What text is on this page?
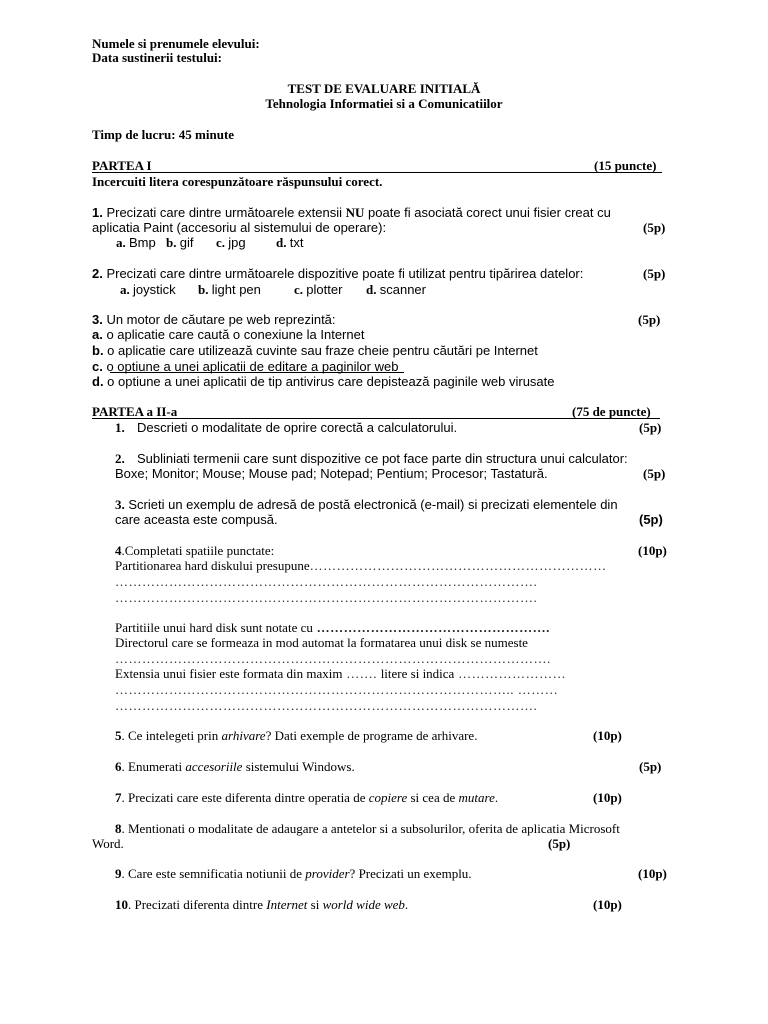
Numele si prenumele elevului:
Data sustinerii testului:
TEST DE EVALUARE INITIALĂ
Tehnologia Informatiei si a Comunicatiilor
Timp de lucru: 45 minute
PARTEA I	(15 puncte)
Incercuiti litera corespunzătoare răspunsului corect.
1. Precizati care dintre următoarele extensii NU poate fi asociată corect unui fisier creat cu
aplicatia Paint (accesoriu al sistemului de operare):	(5p)
a. Bmp b. gif c. jpg d. txt
2. Precizati care dintre următoarele dispozitive poate fi utilizat pentru tipărirea datelor:	(5p)
a. joystick b. light pen	c. plotter d. scanner
3. Un motor de căutare pe web reprezintă:	(5p)
a. o aplicatie care caută o conexiune la Internet
b. o aplicatie care utilizează cuvinte sau fraze cheie pentru căutări pe Internet
c. o optiune a unei aplicatii de editare a paginilor web
d. o optiune a unei aplicatii de tip antivirus care depistează paginile web virusate
PARTEA a II-a	(75 de puncte)
1. Descrieti o modalitate de oprire corectă a calculatorului.	(5p)
2. Subliniati termenii care sunt dispozitive ce pot face parte din structura unui calculator:
Boxe; Monitor; Mouse; Mouse pad; Notepad; Pentium; Procesor; Tastatură.	(5p)
3. Scrieti un exemplu de adresă de postă electronică (e-mail) si precizati elementele din
care aceasta este compusă.	(5p)
4.Completati spatiile punctate:	(10p)
Partitionarea hard diskului presupune…………………………………………………………
………………………………………………………………………………….
………………………………………………………………………………….
Partitiile unui hard disk sunt notate cu …………………………………………….
Directorul care se formeaza in mod automat la formatarea unui disk se numeste
…………………………………………………………………………………….
Extensia unui fisier este formata din maxim ……. litere si indica ……………………
…………………………………………………………………………….. ………
………………………………………………………………………………….
5. Ce intelegeti prin arhivare? Dati exemple de programe de arhivare.	(10p)
6. Enumerati accesoriile sistemului Windows.	(5p)
7. Precizati care este diferenta dintre operatia de copiere si cea de mutare.	(10p)
8. Mentionati o modalitate de adaugare a antetelor si a subsolurilor, oferita de aplicatia Microsoft
Word.	(5p)
9. Care este semnificatia notiunii de provider? Precizati un exemplu.	(10p)
10. Precizati diferenta dintre Internet si world wide web.	(10p)
